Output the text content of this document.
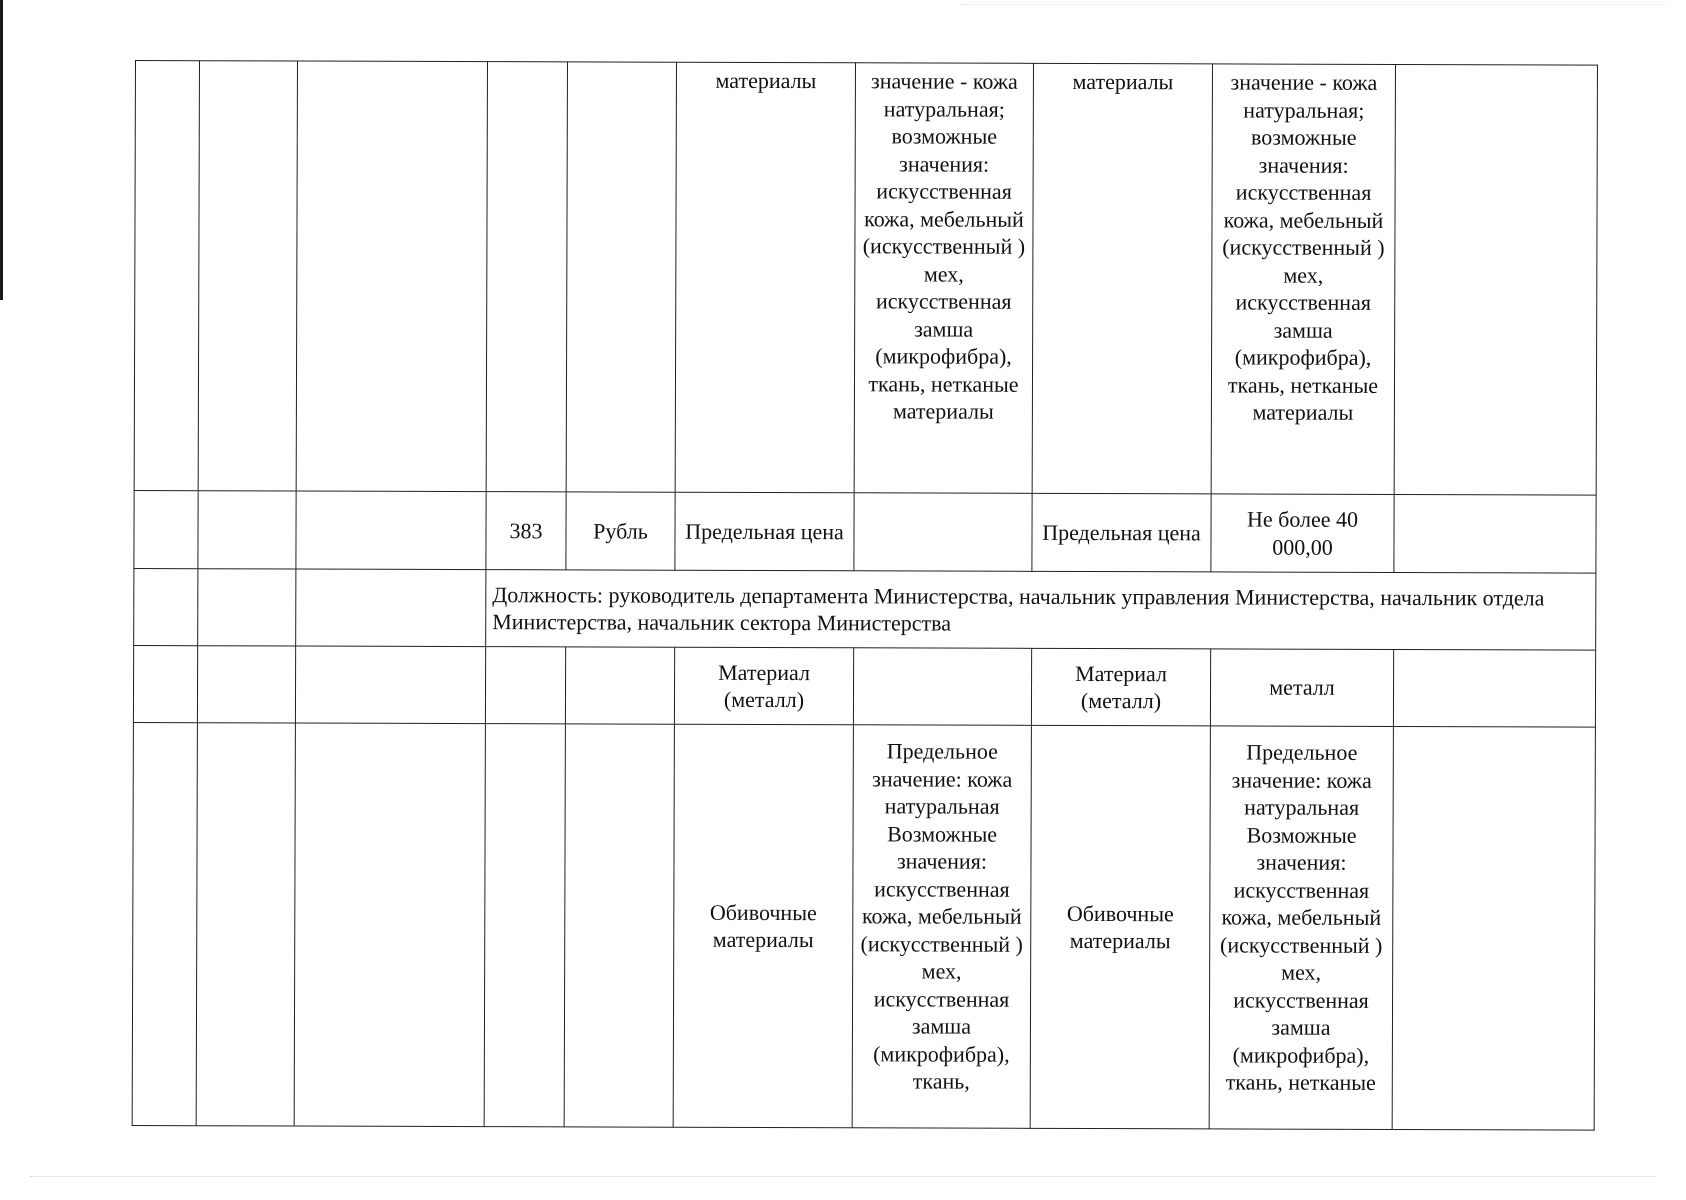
					материалы	значение - кожа натуральная; возможные значения: искусственная кожа, мебельный (искусственный ) мех, искусственная замша (микрофибра), ткань, нетканые материалы	материалы	значение - кожа натуральная; возможные значения: искусственная кожа, мебельный (искусственный ) мех, искусственная замша (микрофибра), ткань, нетканые материалы	
			383	Рубль	Предельная цена		Предельная цена	Не более 40 000,00	
			Должность: руководитель департамента Министерства, начальник управления Министерства, начальник отдела Министерства, начальник сектора Министерства						
					Материал (металл)		Материал (металл)	металл	
					Обивочные материалы	Предельное значение: кожа натуральная Возможные значения: искусственная кожа, мебельный (искусственный ) мех, искусственная замша (микрофибра), ткань,	Обивочные материалы	Предельное значение: кожа натуральная Возможные значения: искусственная кожа, мебельный (искусственный ) мех, искусственная замша (микрофибра), ткань, нетканые	
